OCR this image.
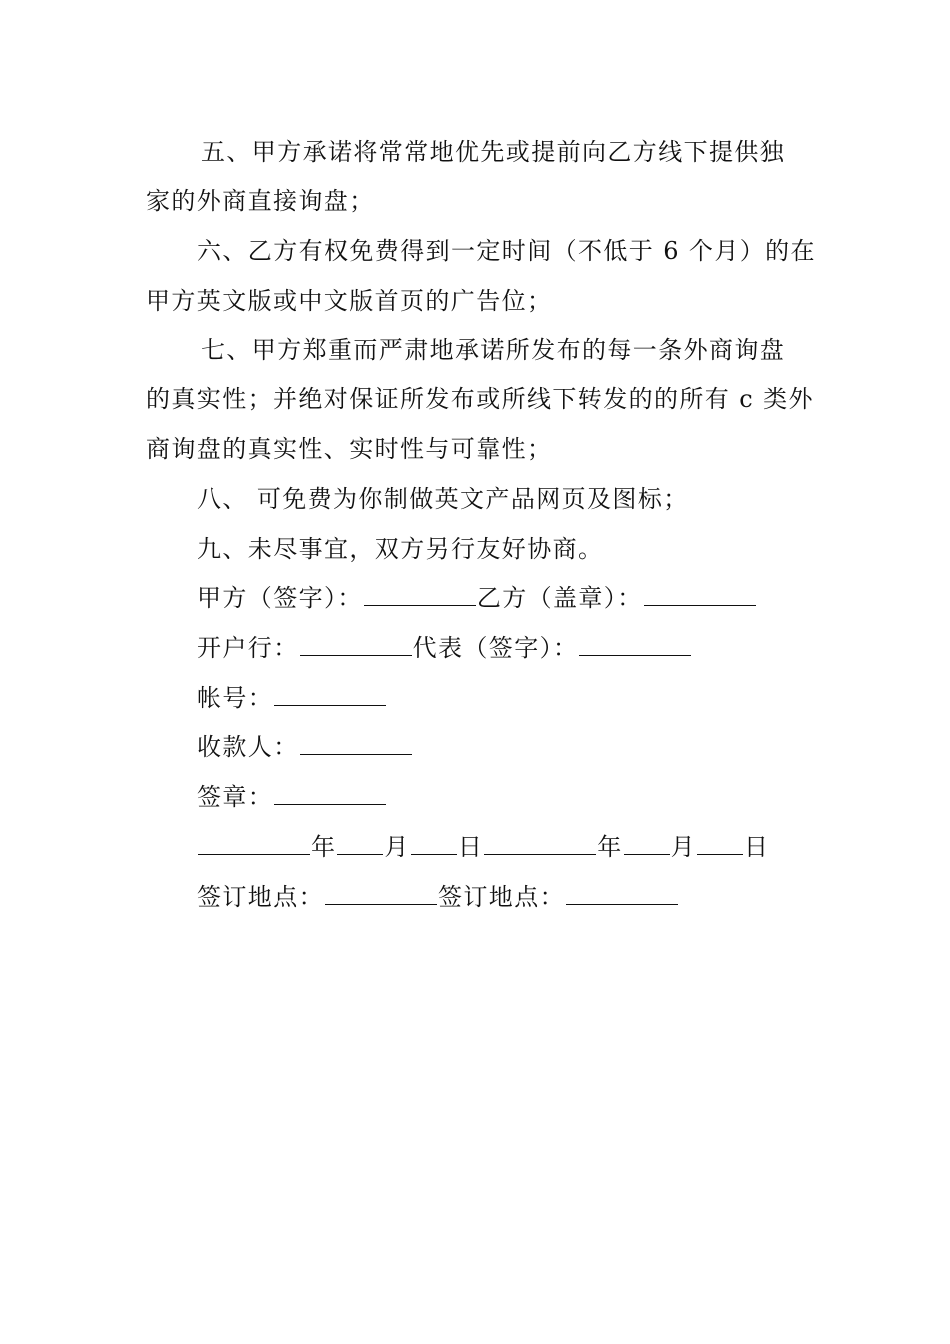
五、甲方承诺将常常地优先或提前向乙方线下提供独
家的外商直接询盘；
六、乙方有权免费得到一定时间（不低于 6 个月）的在
甲方英文版或中文版首页的广告位；
七、甲方郑重而严肃地承诺所发布的每一条外商询盘
的真实性；并绝对保证所发布或所线下转发的的所有 c 类外
商询盘的真实性、实时性与可靠性；
八、 可免费为你制做英文产品网页及图标；
九、未尽事宜，双方另行友好协商。
甲方（签字）：	乙方（盖章）：
开户行：	代表（签字）：
帐号：
收款人：
签章：
年 月 日	年 月 日
签订地点：	签订地点：
